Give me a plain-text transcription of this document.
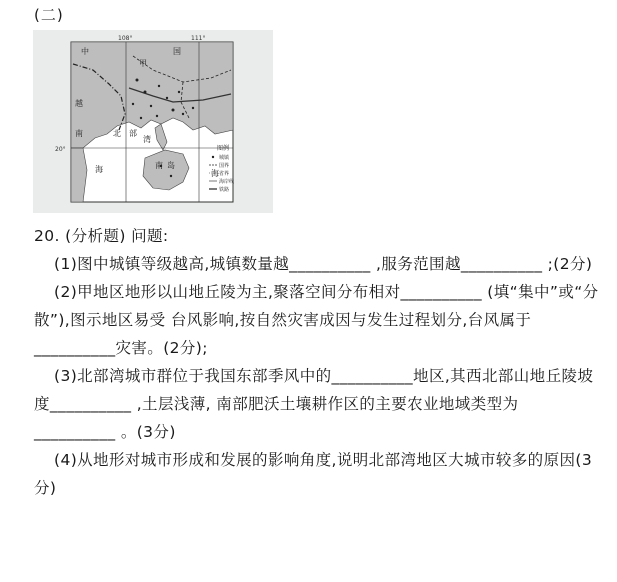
(二)
108°	111°
20°
中	国
甲
越
南	北 部
湾
海	南 岛
海
图例
城镇
国界
省界
海岸线
铁路

20. (分析题) 问题:

(1)图中城镇等级越高,城镇数量越__________ ,服务范围越__________ ;(2分)

(2)甲地区地形以山地丘陵为主,聚落空间分布相对__________ (填“集中”或“分散”),图示地区易受 台风影响,按自然灾害成因与发生过程划分,台风属于__________灾害。(2分);

(3)北部湾城市群位于我国东部季风中的__________地区,其西北部山地丘陵坡度__________ ,土层浅薄, 南部肥沃土壤耕作区的主要农业地域类型为__________ 。(3分)

(4)从地形对城市形成和发展的影响角度,说明北部湾地区大城市较多的原因(3分)
